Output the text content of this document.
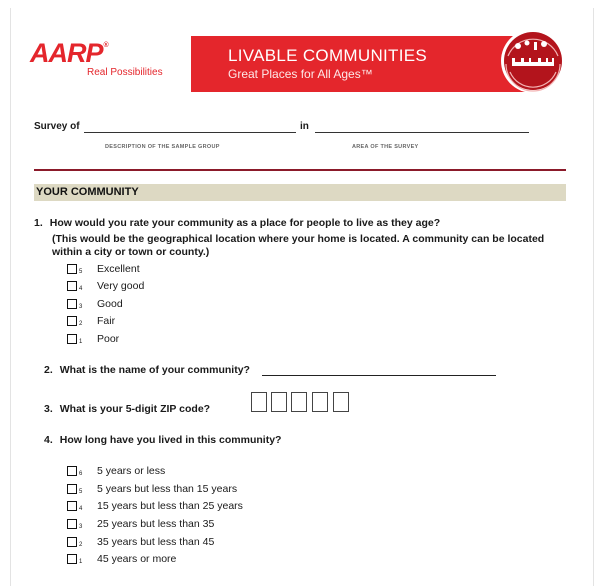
AARP ®
Real Possibilities
LIVABLE COMMUNITIES
Great Places for All Ages™
Survey of	in
DESCRIPTION OF THE SAMPLE GROUP	AREA OF THE SURVEY
YOUR COMMUNITY
1. How would you rate your community as a place for people to live as they age?
(This would be the geographical location where your home is located. A community can be located
within a city or town or county.)
5 Excellent
4 Very good
3 Good
2 Fair
1 Poor
2. What is the name of your community?
3. What is your 5-digit ZIP code?
4. How long have you lived in this community?
6 5 years or less
5 5 years but less than 15 years
4 15 years but less than 25 years
3 25 years but less than 35
2 35 years but less than 45
1 45 years or more
